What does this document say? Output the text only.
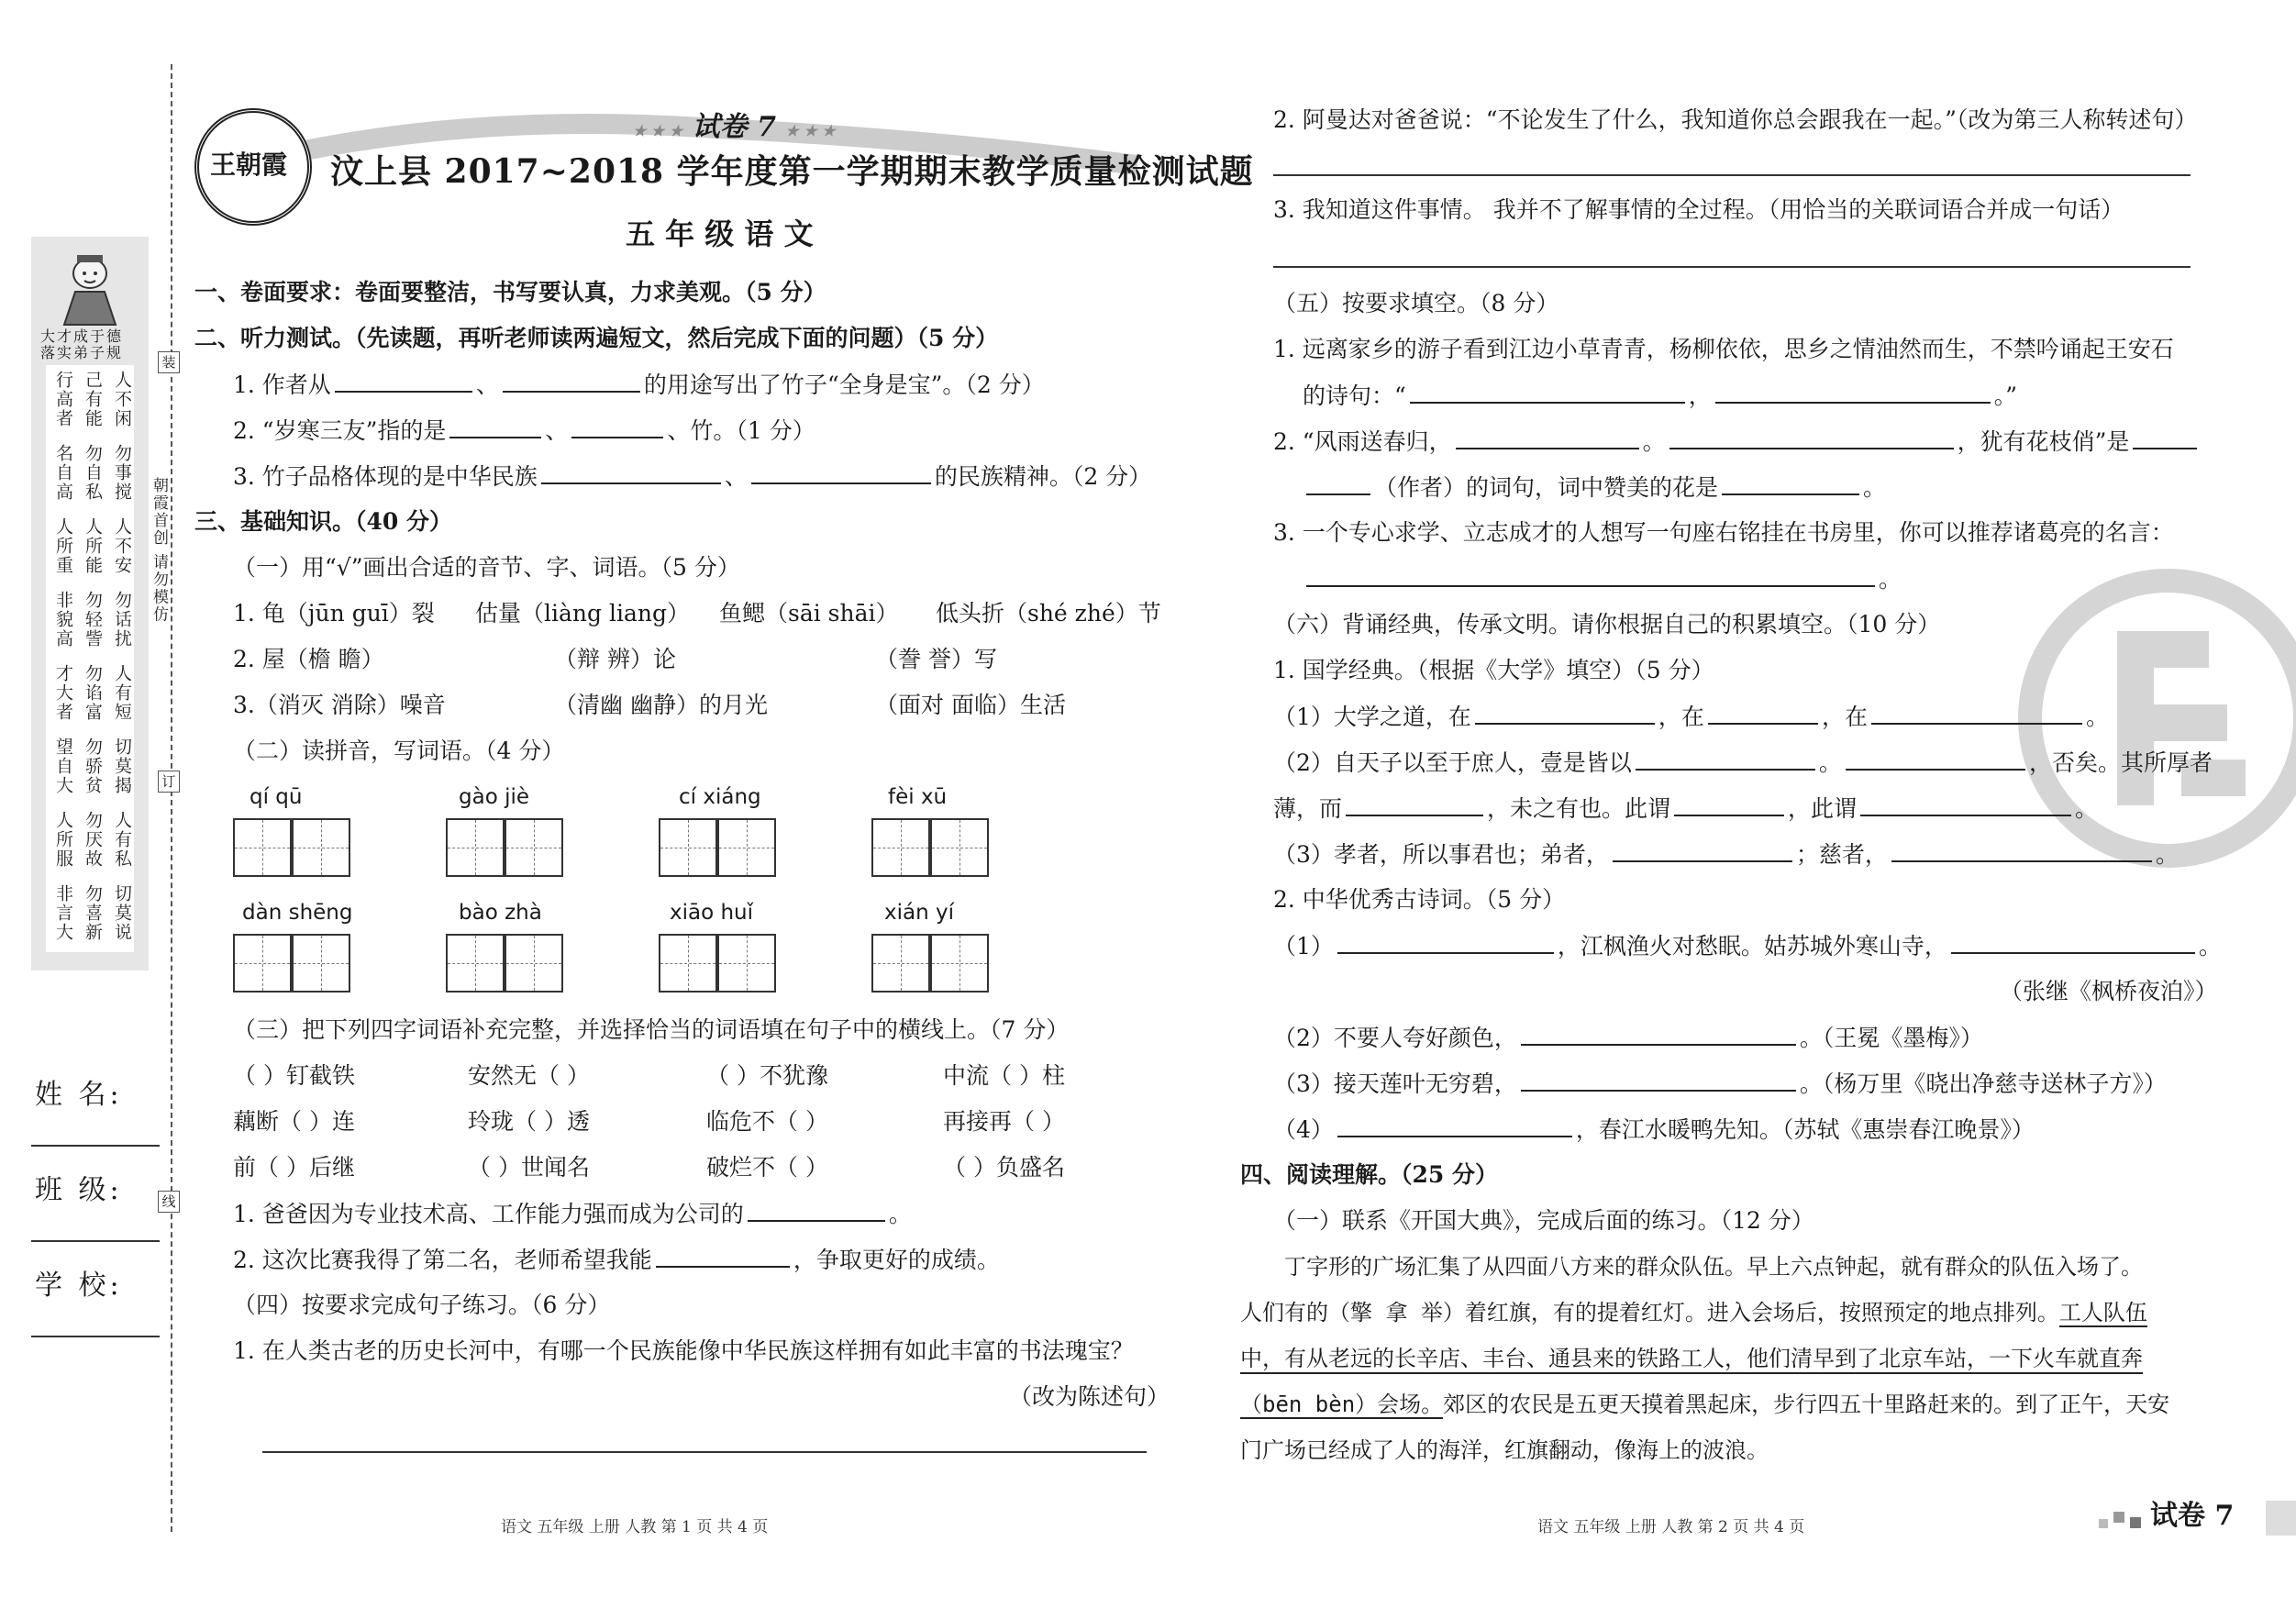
装
订
线
朝霞首创 请勿模仿
大才成于德
落实弟子规
人不闲
己有能
行高者
勿事搅
勿自私
名自高
人不安
人所能
人所重
勿话扰
勿轻訾
非貌高
人有短
勿谄富
才大者
切莫揭
勿骄贫
望自大
人有私
勿厌故
人所服
切莫说
勿喜新
非言大
姓 名:
班 级:
学 校:
王朝霞
★ ★ ★ 试卷 7 ★ ★ ★
汶上县 2017~2018 学年度第一学期期末教学质量检测试题
五 年 级 语 文
一、卷面要求：卷面要整洁，书写要认真，力求美观。（5 分）
二、听力测试。（先读题，再听老师读两遍短文，然后完成下面的问题）（5 分）
1. 作者从	、	的用途写出了竹子“全身是宝”。（2 分）
2. “岁寒三友”指的是	、	、竹。（1 分）
3. 竹子品格体现的是中华民族	、	的民族精神。（2 分）
三、基础知识。（40 分）
（一）用“√”画出合适的音节、字、词语。（5 分）
1. 龟（jūn guī）裂 估量（liàng liang） 鱼鳃（sāi shāi） 低头折（shé zhé）节
2. 屋（檐 瞻）	（辩 辨）论	（誊 誉）写
3.（消灭 消除）噪音	（清幽 幽静）的月光	（面对 面临）生活
（二）读拼音，写词语。（4 分）
qí qū	gào jiè	cí xiáng	fèi xū
dàn shēng	bào zhà	xiāo huǐ	xián yí
（三）把下列四字词语补充完整，并选择恰当的词语填在句子中的横线上。（7 分）
（ ）钉截铁	安然无（ ）	（ ）不犹豫	中流（ ）柱
藕断（ ）连	玲珑（ ）透	临危不（ ）	再接再（ ）
前（ ）后继	（ ）世闻名	破烂不（ ）	（ ）负盛名
1. 爸爸因为专业技术高、工作能力强而成为公司的	。
2. 这次比赛我得了第二名，老师希望我能	，争取更好的成绩。
（四）按要求完成句子练习。（6 分）
1. 在人类古老的历史长河中，有哪一个民族能像中华民族这样拥有如此丰富的书法瑰宝？
（改为陈述句）
语文 五年级 上册 人教 第 1 页 共 4 页
2. 阿曼达对爸爸说：“不论发生了什么，我知道你总会跟我在一起。”（改为第三人称转述句）
3. 我知道这件事情。 我并不了解事情的全过程。（用恰当的关联词语合并成一句话）
（五）按要求填空。（8 分）
1. 远离家乡的游子看到江边小草青青，杨柳依依，思乡之情油然而生，不禁吟诵起王安石
的诗句：“	，	。”
2. “风雨送春归，	。	，犹有花枝俏”是
（作者）的词句，词中赞美的花是	。
3. 一个专心求学、立志成才的人想写一句座右铭挂在书房里，你可以推荐诸葛亮的名言：
。
（六）背诵经典，传承文明。请你根据自己的积累填空。（10 分）
1. 国学经典。（根据《大学》填空）（5 分）
（1）大学之道，在	，在	，在	。
（2）自天子以至于庶人，壹是皆以	。	，否矣。其所厚者
薄，而	，未之有也。此谓	，此谓	。
（3）孝者，所以事君也；弟者，	；慈者，	。
2. 中华优秀古诗词。（5 分）
（1）	，江枫渔火对愁眠。姑苏城外寒山寺，	。
（张继《枫桥夜泊》）
（2）不要人夸好颜色，	。（王冕《墨梅》）
（3）接天莲叶无穷碧，	。（杨万里《晓出净慈寺送林子方》）
（4）	，春江水暖鸭先知。（苏轼《惠崇春江晚景》）
四、阅读理解。（25 分）
（一）联系《开国大典》，完成后面的练习。（12 分）
丁字形的广场汇集了从四面八方来的群众队伍。早上六点钟起，就有群众的队伍入场了。
人们有的（擎 拿 举）着红旗，有的提着红灯。进入会场后，按照预定的地点排列。工人队伍
中，有从老远的长辛店、丰台、通县来的铁路工人，他们清早到了北京车站，一下火车就直奔
（bēn bèn）会场。郊区的农民是五更天摸着黑起床，步行四五十里路赶来的。到了正午，天安
门广场已经成了人的海洋，红旗翻动，像海上的波浪。
语文 五年级 上册 人教 第 2 页 共 4 页	试卷 7
